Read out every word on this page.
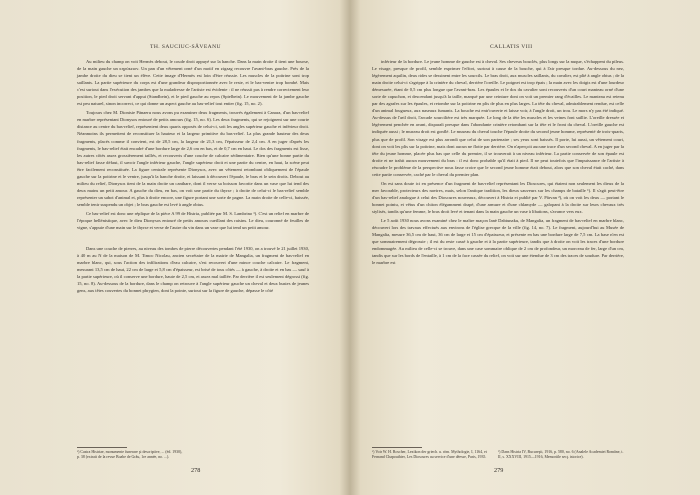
TH. SAUCIUC-SĂVEANU

Au milieu du champ on voit Hermès debout, le coude droit appuyé sur la hanche. Dans la main droite il tient une bourse, de la main gauche un κηρύκειον. Un pan d'un vêtement orné d'un motif en zigzag recouvre l'avant-bras gauche. Près de la jambe droite du dieu se tient un élève. Cette image d'Hermès est loin d'être réussie. Les muscles de la poitrine sont trop saillants. La partie supérieure du corps est d'une grandeur disproportionnée avec le reste, et le bas-ventre trop bombé. Mais c'est surtout dans l'exécution des jambes que la maladresse de l'artiste est évidente : il ne réussit pas à rendre correctement leur position, le pied droit servant d'appui (Standbein), et le pied gauche au repos (Spielbein). Le mouvement de la jambe gauche est peu naturel, sinon incorrect, ce qui donne un aspect gauche au bas-relief tout entier (fig. 15, no. 2).

Toujours chez M. Dionisie Pănaeru nous avons pu examiner deux fragments, trouvés également à Canara, d'un bas-relief en marbre représentant Dionysos entouré de petits amours (fig. 15, no. 6). Les deux fragments, qui se rejoignent sur une courte distance au centre du bas-relief, représentent deux quarts opposés de celui-ci, soit les angles supérieur gauche et inférieur droit. Néanmoins ils permettent de reconstituer la hauteur et la largeur primitive du bas-relief. La plus grande hauteur des deux fragments, placés comme il convient, est de 28,5 cm, la largeur de 21,3 cm, l'épaisseur de 2,4 cm. A en juger d'après les fragments, le bas-relief était encadré d'une bordure large de 2,6 cm en bas, et de 0,7 cm en haut. Le dos des fragments est lisse, les autres côtés assez grossièrement taillés, et recouverts d'une couche de calcaire sédimentaire. Bien qu'une bonne partie du bas-relief fasse défaut, il savoir l'angle inférieur gauche, l'angle supérieur droit et une partie du centre, en haut, la scène peut être facilement reconstituée. La figure centrale représente Dionysos, avec un vêtement retombant obliquement de l'épaule gauche sur la poitrine et le ventre, jusqu'à la hanche droite, et laissant à découvert l'épaule, le bras et le sein droits. Debout au milieu du relief, Dionysos tient de la main droite un canthare, dont il verse sa boisson favorite dans un vase que lui tend des deux mains un petit amour. A gauche du dieu, en bas, on voit une partie du thyrse ; à droite de celui-ci le bas-relief semble représenter un sabot d'animal et, plus à droite encore, une figure portant une sorte de pagne. La main droite de celle-ci, baissée, semble tenir suspendu un objet ; le bras gauche est levé à angle obtus.

Ce bas-relief est donc une réplique de la pièce A 99 de Histria, publiée par M. S. Lambrino ¹). C'est un relief en marbre de l'époque hellénistique, avec le dieu Dionysos entouré de petits amours cueillant des raisins. Le dieu, couronné de feuilles de vigne, s'appuie d'une main sur le thyrse et verse de l'autre du vin dans un vase que lui tend un petit amour.

Dans une couche de pierres, au niveau des tombes de pierre découvertes pendant l'été 1930, on a trouvé le 21 juillet 1930, à 40 m au N de la maison de M. Timoc Nicolau, ancien secrétaire de la mairie de Mangalia, un fragment de bas-relief en marbre blanc, qui, sous l'action des infiltrations d'eau calcaire, s'est recouvert d'une mince couche calcaire. Le fragment, mesurant 13,5 cm de haut, 22 cm de large et 5,8 cm d'épaisseur, est brisé de tous côtés — à gauche, à droite et en bas — sauf à la partie supérieure, où il conserve une bordure, haute de 2,5 cm, et assez mal taillée. Par derrière il est seulement dégrossi (fig. 15, no. 8). Au-dessous de la bordure, dans le champ on retrouve à l'angle supérieur gauche un cheval et deux bustes de jeunes gens, aux têtes couvertes du bonnet phrygien, dont la pointe, surtout sur la figure de gauche, dépasse le côté

¹) Castra Histriae, monumente funerare şi descriptive, ... (éd. 1930),

p. 38 (extrait de la revue Boabe de Grâu, 1re année, no. ...).

278
CALLATIS VIII

inférieur de la bordure. Le jeune homme de gauche est à cheval. Ses cheveux bouclés, plus longs sur la nuque, s'échappent du pileus. Le visage, presque de profil, semble exprimer l'effort, surtout à cause de la bouche, qui à l'air presque tordue. Au-dessous du nez, légèrement aquilin, deux rides se dessinent entre les sourcils. Le bras droit, aux muscles saillants, du cavalier, est plié à angle obtus ; de la main droite celui-ci s'agrippe à la crinière du cheval, derrière l'oreille. Le poignet est trop épais ; la main avec les doigts est d'une lourdeur démesurée, étant de 0,5 cm plus longue que l'avant-bras. Les épaules et le dos du cavalier sont recouverts d'un court manteau orné d'une sorte de capuchon, et descendant jusqu'à la taille, marqué par une ceinture dont on voit un premier rang d'écailles. Le manteau est retenu par des agrafes sur les épaules, et retombe sur la poitrine en plis de plus en plus larges. La tête du cheval, admirablement rendue, est celle d'un animal fougueux, aux naseaux fumants. La bouche est entr'ouverte et laisse voir, à l'angle droit, un trou. Le mors n'y pas été indiqué. Au-dessus de l'œil droit, l'arcade sourcilière est très marquée. Le long de la tête les muscles et les veines font saillie. L'oreille dressée et légèrement penchée en avant, disparaît presque dans l'abondante crinière retombant sur la tête et le front du cheval. L'oreille gauche est indiquée aussi ; le museau droit est gonflé. Le museau du cheval touche l'épaule droite du second jeune homme, représenté de trois-quarts, plus que de profil. Son visage est plus arrondi que celui de son partenaire ; ses yeux sont baissés. Il porte, lui aussi, un vêtement court, dont on voit les plis sur la poitrine, mais dont aucun ne flotte par derrière. On n'aperçoit aucune trace d'un second cheval. A en juger par la tête du jeune homme, placée plus bas que celle du premier, il se trouverait à un niveau inférieur. La partie conservée de son épaule est droite et ne trahit aucun mouvement du bras : il est donc probable qu'il était à pied. Il ne peut toutefois que l'impuissance de l'artiste à résoudre le problème de la perspective nous fasse croire que le second jeune homme était debout, alors que son cheval était caché, dans cette partie conservée, caché par le cheval du premier plan.

On est sans doute ici en présence d'un fragment de bas-relief représentant les Dioscures, qui étaient non seulement les dieux de la mer favorable, protecteurs des navires, mais, selon l'antique tradition, les dieux sauveurs sur les champs de bataille ¹). Il s'agit peut-être d'un bas-relief analogue à celui des Dioscures nouveaux, découvert à Histria et publié par V. Pârvan ²), où on voit les deux — portant le bonnet pointu, et vêtus d'un chiton élégamment drapé, d'une armure et d'une chlamyde — galopant à la droite sur leurs chevaux très stylisés, tandis qu'une femme, le bras droit levé et tenant dans la main gauche un vase à libations, s'avance vers eux.

Le 5 août 1930 nous avons examiné chez le maître maçon Ianè Dabtunaku, de Mangalia, un fragment de bas-relief en marbre blanc, découvert lors des travaux effectués aux environs de l'église grecque de la ville (fig. 14, no. 7). Le fragment, aujourd'hui au Musée de Mangalia, mesure 36,5 cm de haut, 36 cm de large et 15 cm d'épaisseur, et présente en bas une bordure large de 7,5 cm. La base n'en est que sommairement dégrossie ; il est du reste cassé à gauche et à la partie supérieure, tandis que à droite on voit les traces d'une bordure endommagée. Au milieu de celle-ci se trouve, dans une case sommaire oblique de 2 cm de profondeur, un morceau de fer, large d'un cm, tandis que sur les bords de l'entaille, à 1 cm de la face cassée du relief, on voit sur une étendue de 3 cm des traces de soudure. Par derrière, le marbre est

¹) Voir W. H. Roscher, Lexikon der griech. u. röm. Mythologie, I, 1164, et Fernand Chapouthier, Les Dioscures au service d'une déesse, Paris, 1935.

²) Dans Histria IV, Bucureşti, 1916, p. 580, no. 6 (Analele Academiei Române, t. II, s. XXXVIII, 1915—1916, Memoriile secţ. istorice).

279
